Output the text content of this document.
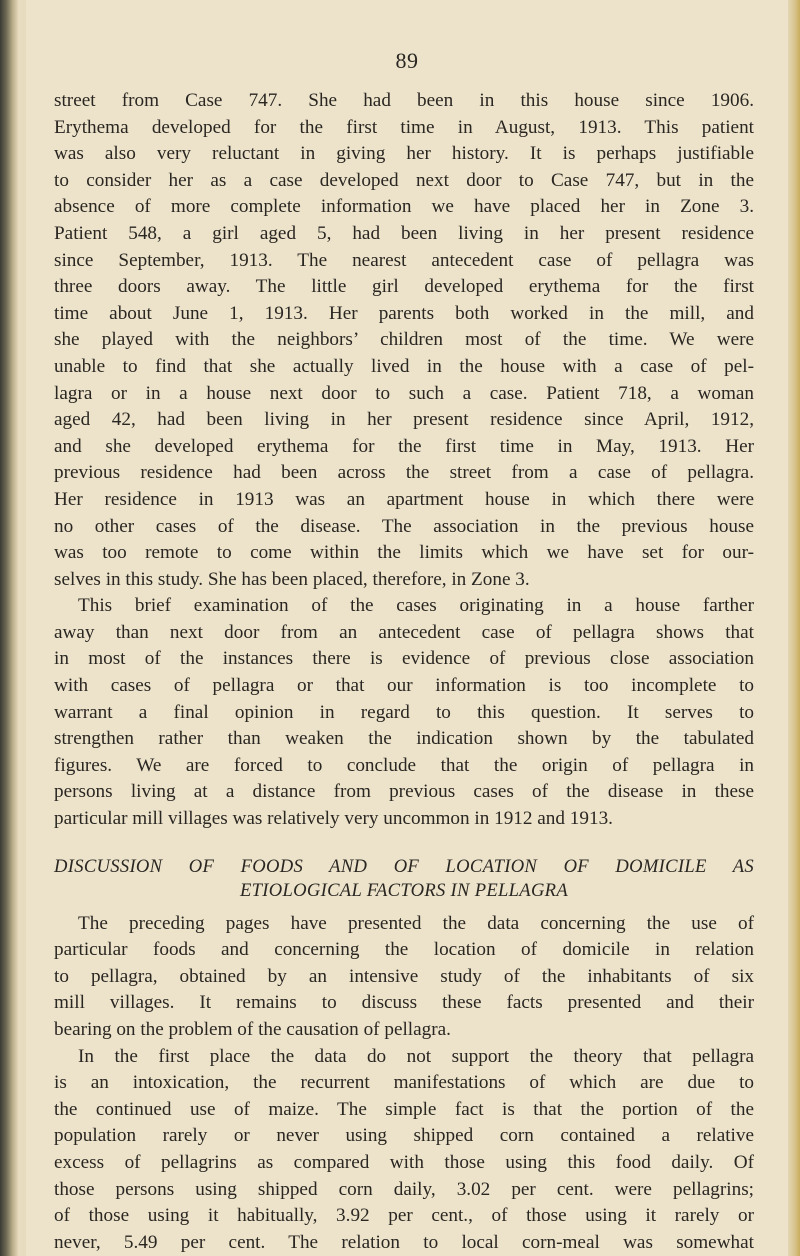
89

street from Case 747. She had been in this house since 1906.
Erythema developed for the first time in August, 1913. This patient
was also very reluctant in giving her history. It is perhaps justifiable
to consider her as a case developed next door to Case 747, but in the
absence of more complete information we have placed her in Zone 3.
Patient 548, a girl aged 5, had been living in her present residence
since September, 1913. The nearest antecedent case of pellagra was
three doors away. The little girl developed erythema for the first
time about June 1, 1913. Her parents both worked in the mill, and
she played with the neighbors’ children most of the time. We were
unable to find that she actually lived in the house with a case of pel-
lagra or in a house next door to such a case. Patient 718, a woman
aged 42, had been living in her present residence since April, 1912,
and she developed erythema for the first time in May, 1913. Her
previous residence had been across the street from a case of pellagra.
Her residence in 1913 was an apartment house in which there were
no other cases of the disease. The association in the previous house
was too remote to come within the limits which we have set for our-
selves in this study. She has been placed, therefore, in Zone 3.

This brief examination of the cases originating in a house farther
away than next door from an antecedent case of pellagra shows that
in most of the instances there is evidence of previous close association
with cases of pellagra or that our information is too incomplete to
warrant a final opinion in regard to this question. It serves to
strengthen rather than weaken the indication shown by the tabulated
figures. We are forced to conclude that the origin of pellagra in
persons living at a distance from previous cases of the disease in these
particular mill villages was relatively very uncommon in 1912 and 1913.

DISCUSSION OF FOODS AND OF LOCATION OF DOMICILE AS
ETIOLOGICAL FACTORS IN PELLAGRA

The preceding pages have presented the data concerning the use of
particular foods and concerning the location of domicile in relation
to pellagra, obtained by an intensive study of the inhabitants of six
mill villages. It remains to discuss these facts presented and their
bearing on the problem of the causation of pellagra.

In the first place the data do not support the theory that pellagra
is an intoxication, the recurrent manifestations of which are due to
the continued use of maize. The simple fact is that the portion of the
population rarely or never using shipped corn contained a relative
excess of pellagrins as compared with those using this food daily. Of
those persons using shipped corn daily, 3.02 per cent. were pellagrins;
of those using it habitually, 3.92 per cent., of those using it rarely or
never, 5.49 per cent. The relation to local corn-meal was somewhat
